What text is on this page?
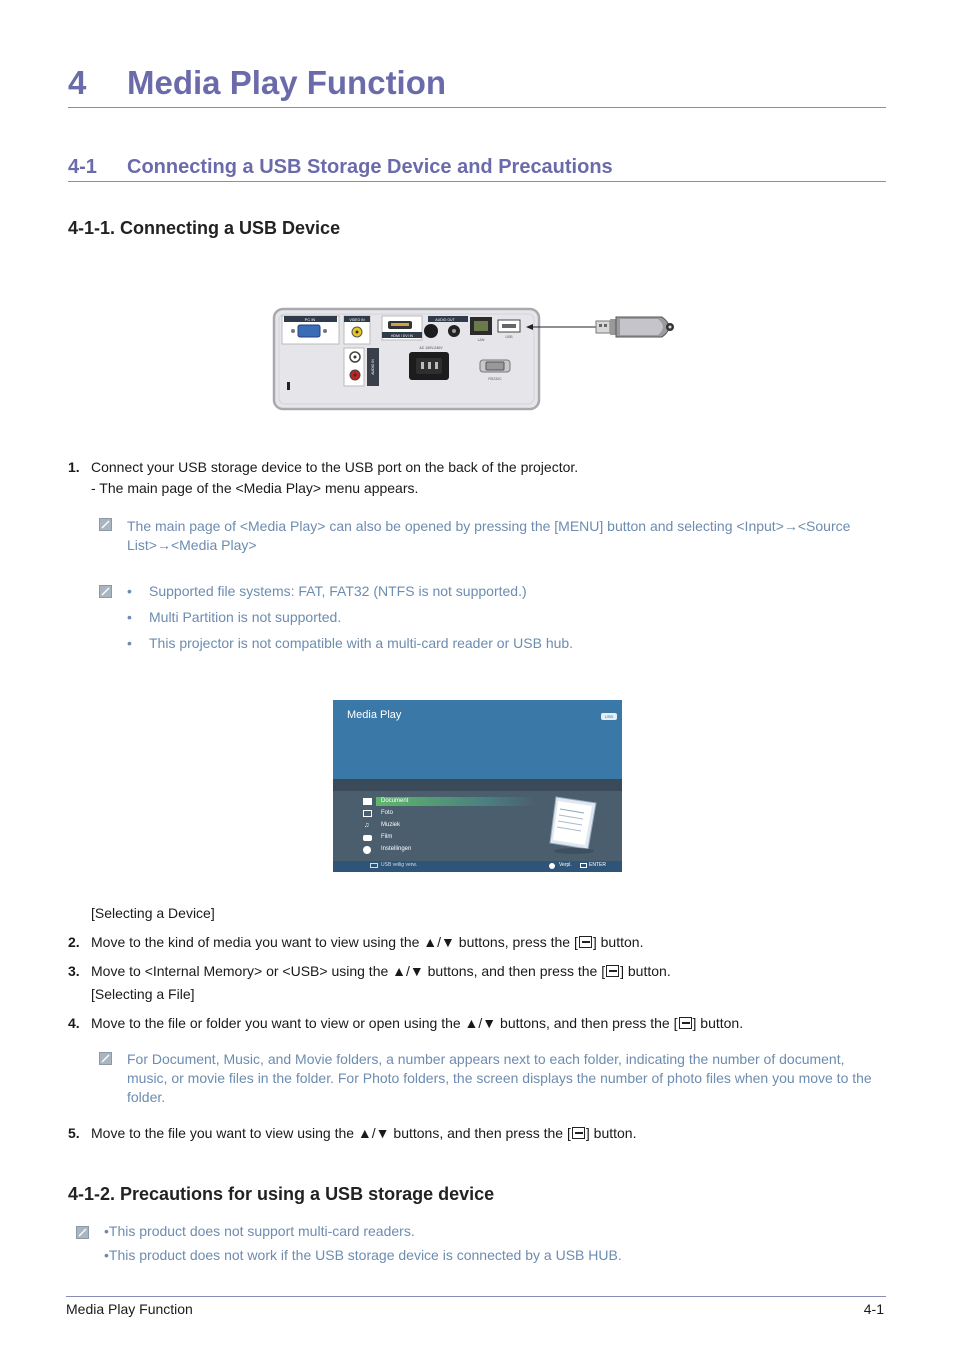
4 Media Play Function
4-1 Connecting a USB Storage Device and Precautions
4-1-1. Connecting a USB Device
PC IN	VIDEO IN
HDMI / DVI IN
AUDIO OUT
LAN
USB
AUDIO IN
AC 100V-240V
RS232C
1. Connect your USB storage device to the USB port on the back of the projector.
- The main page of the <Media Play> menu appears.
The main page of <Media Play> can also be opened by pressing the [MENU] button and selecting <Input>→<Source
List>→<Media Play>
• Supported file systems: FAT, FAT32 (NTFS is not supported.)
• Multi Partition is not supported.
• This projector is not compatible with a multi-card reader or USB hub.
Media Play	USB
Document
Foto
♫ Muziek
Film
Instellingen
USB veilig verw.	Verpl.	ENTER
[Selecting a Device]
2. Move to the kind of media you want to view using the ▲/▼ buttons, press the [ ] button.
3. Move to <Internal Memory> or <USB> using the ▲/▼ buttons, and then press the [ ] button.
[Selecting a File]
4. Move to the file or folder you want to view or open using the ▲/▼ buttons, and then press the [ ] button.
For Document, Music, and Movie folders, a number appears next to each folder, indicating the number of document,
music, or movie files in the folder. For Photo folders, the screen displays the number of photo files when you move to the
folder.
5. Move to the file you want to view using the ▲/▼ buttons, and then press the [ ] button.
4-1-2. Precautions for using a USB storage device
•This product does not support multi-card readers.
•This product does not work if the USB storage device is connected by a USB HUB.
Media Play Function	4-1
